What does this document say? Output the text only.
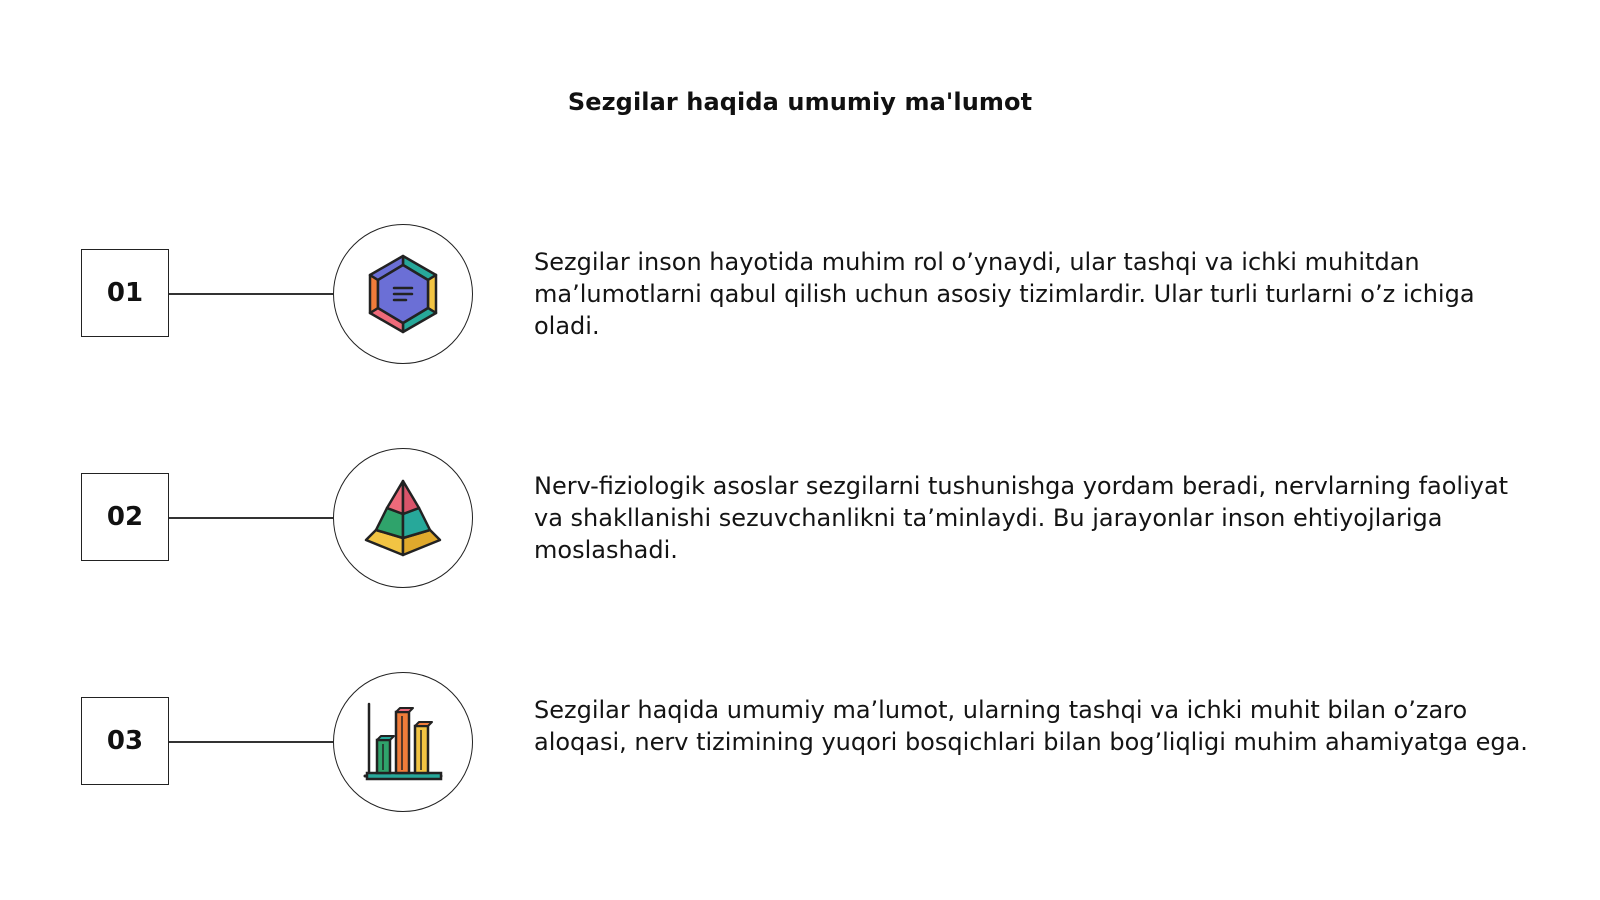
Sezgilar haqida umumiy ma'lumot
01
Sezgilar inson hayotida muhim rol o’ynaydi, ular tashqi va ichki muhitdan ma’lumotlarni qabul qilish uchun asosiy tizimlardir. Ular turli turlarni o’z ichiga oladi.
02
Nerv-fiziologik asoslar sezgilarni tushunishga yordam beradi, nervlarning faoliyat va shakllanishi sezuvchanlikni ta’minlaydi. Bu jarayonlar inson ehtiyojlariga moslashadi.
03
Sezgilar haqida umumiy ma’lumot, ularning tashqi va ichki muhit bilan o’zaro aloqasi, nerv tizimining yuqori bosqichlari bilan bog’liqligi muhim ahamiyatga ega.
